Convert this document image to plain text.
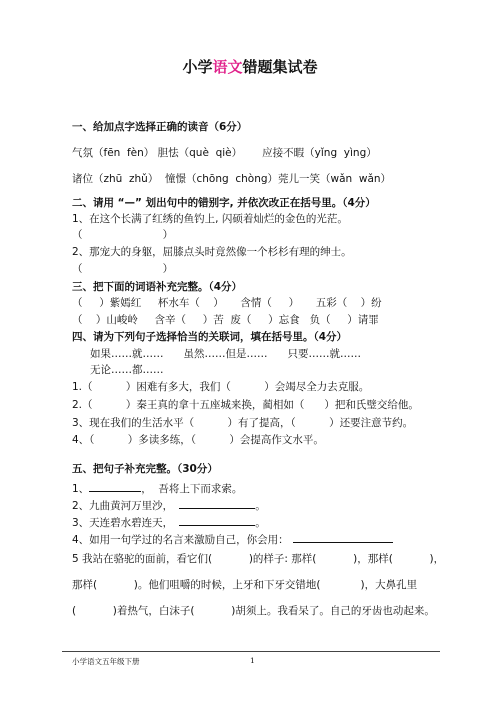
小学语文错题集试卷
一、给加点字选择正确的读音（6分）
气氛（fēn  fèn） 胆怯（què  qiè）      应接不暇（yǐng  yìng）
诸位（zhū  zhǔ）  憧憬（chōng  chòng）莞儿一笑（wǎn  wǎn）
二、请用 “—” 划出句中的错别字, 并依次改正在括号里。（4分）
1、在这个长满了红绣的鱼钓上, 闪硕着灿烂的金色的光茫。
（                        ）
2、那宠大的身躯，屈膝点头时竟然像一个杉杉有理的绅士。
（                        ）
三、把下面的词语补充完整。（4分）
（     ）紫嫣红     杯水车（    ）     含情（     ）     五彩（    ）纷
（    ）山峻岭     含辛（     ）苦  废（     ）忘食   负（     ）请罪
四、请为下列句子选择恰当的关联词，填在括号里。（4分）
如果……就……      虽然……但是……      只要……就……
无论……都……
1.（          ）困难有多大，我们（          ）会竭尽全力去克服。
2.（          ）秦王真的拿十五座城来换，蔺相如（      ）把和氏璧交给他。
3、现在我们的生活水平（          ）有了提高，（          ）还要注意节约。
4、（          ）多读多练，（          ）会提高作文水平。
五、把句子补充完整。（30分）
1、	，  吾将上下而求索。
2、九曲黄河万里沙，	。
3、天连碧水碧连天，	。
4、如用一句学过的名言来激励自己，你会用：
5 我站在骆驼的面前，看它们(           )的样子: 那样(           )，那样(           )，
那样(           )。他们咀嚼的时候，上牙和下牙交错地(            )，大鼻孔里
(           )着热气，白沫子(           )胡须上。我看呆了。自己的牙齿也动起来。
小学语文五年级下册	1
